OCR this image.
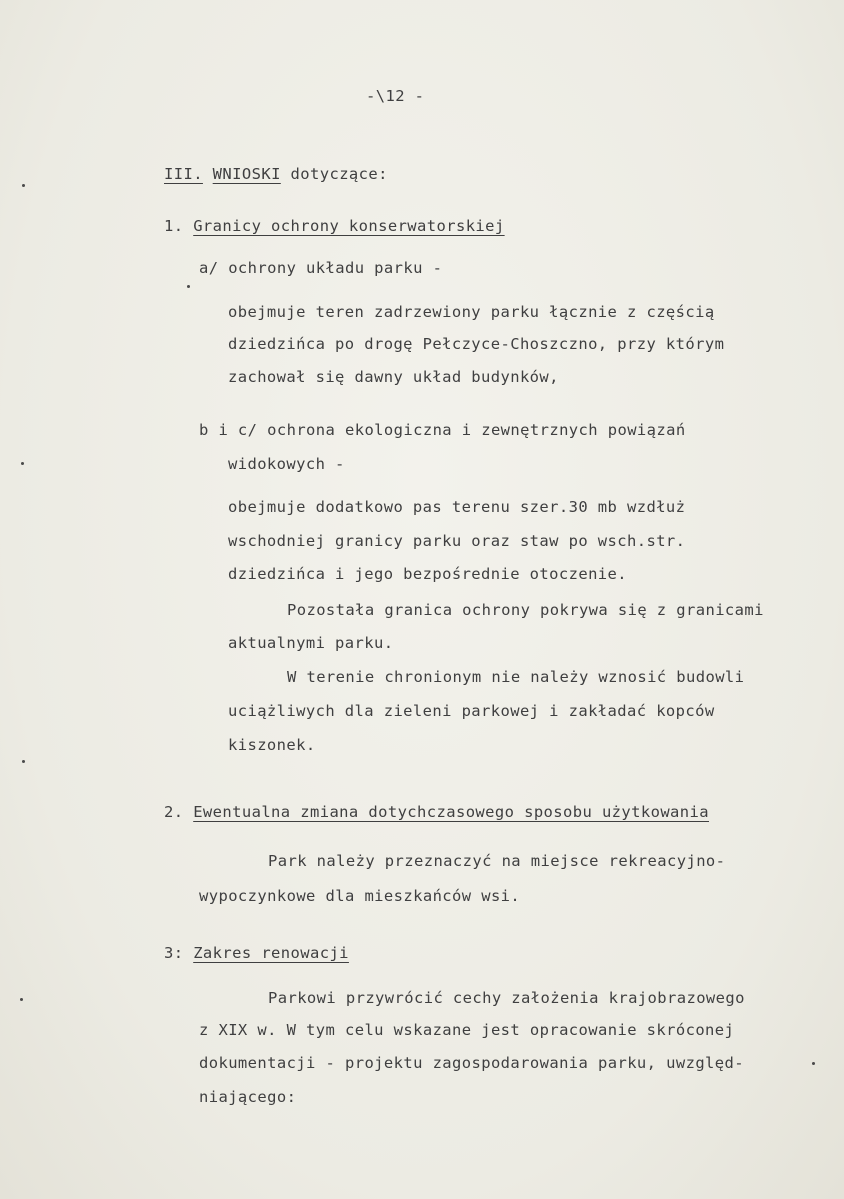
-\12 -
III. WNIOSKI dotyczące:
1. Granicy ochrony konserwatorskiej
a/ ochrony układu parku -
obejmuje teren zadrzewiony parku łącznie z częścią
dziedzińca po drogę Pełczyce-Choszczno, przy którym
zachował się dawny układ budynków,
b i c/ ochrona ekologiczna i zewnętrznych powiązań
widokowych -
obejmuje dodatkowo pas terenu szer.30 mb wzdłuż
wschodniej granicy parku oraz staw po wsch.str.
dziedzińca i jego bezpośrednie otoczenie.
Pozostała granica ochrony pokrywa się z granicami
aktualnymi parku.
W terenie chronionym nie należy wznosić budowli
uciążliwych dla zieleni parkowej i zakładać kopców
kiszonek.
2. Ewentualna zmiana dotychczasowego sposobu użytkowania
Park należy przeznaczyć na miejsce rekreacyjno-
wypoczynkowe dla mieszkańców wsi.
3: Zakres renowacji
Parkowi przywrócić cechy założenia krajobrazowego
z XIX w. W tym celu wskazane jest opracowanie skróconej
dokumentacji - projektu zagospodarowania parku, uwzględ-
niającego:
